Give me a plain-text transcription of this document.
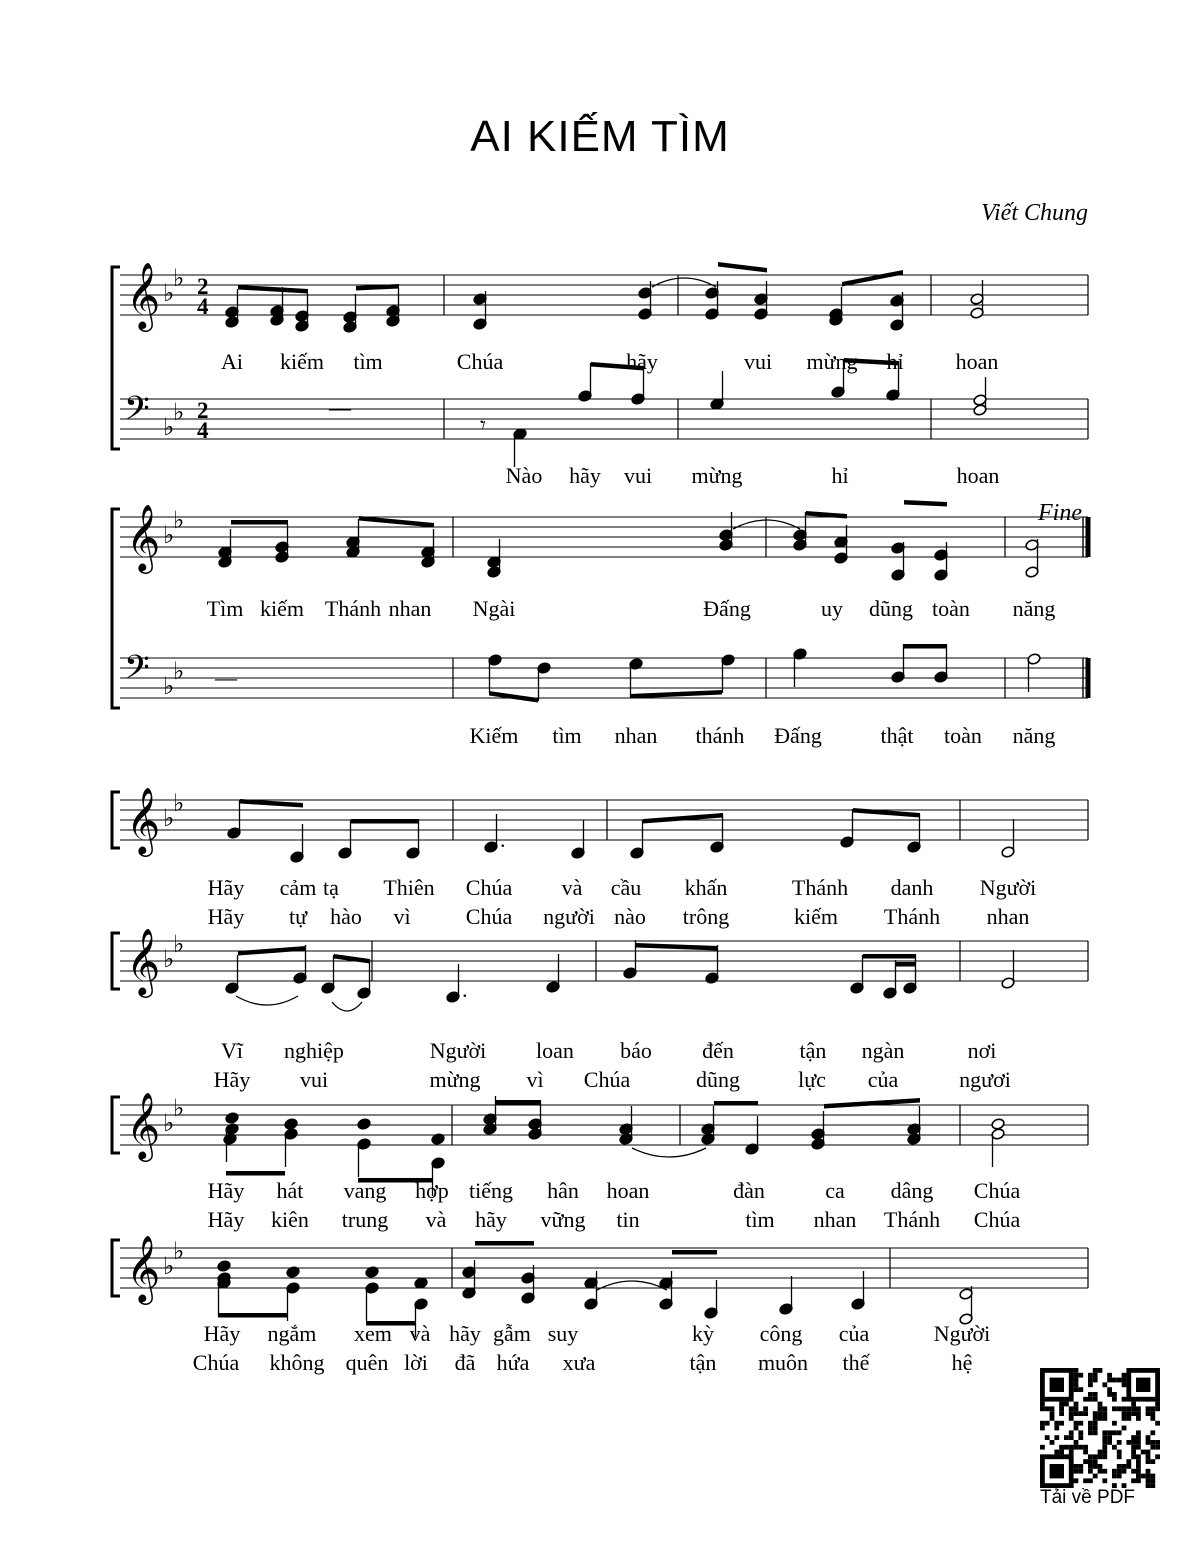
AI KIẾM TÌM
Viết Chung
Fine
𝄞
𝄢
♭
♭
♭
♭
2
4
2
4
—
𝄾
Ai kiếm tìm	Chúa	hãy	vui mừng hỉ hoan
Nào hãy vui mừng	hỉ	hoan
𝄞
𝄢
♭
♭
♭
♭ —
Tìm kiếm Thánh nhan Ngài	Đấng	uy dũng toàn năng
Kiếm tìm nhan thánh Đấng	thật toàn năng
𝄞 ♭
♭
.
♪
Hãy cảm tạ Thiên Chúa và cầu khấn	Thánh danh Người
Hãy tự hào vì	Chúa người nào trông	kiếm Thánh nhan
𝄞 ♭
♭
.
Vĩ nghiệp	Người loan báo đến	tận ngàn	nơi
Hãy vui	mừng vì Chúa	dũng	lực của	ngươi
𝄞 ♭
♭
Hãy hát vang hợp tiếng hân hoan	đàn	ca dâng Chúa
Hãy kiên trung và hãy vững tin	tìm nhan Thánh Chúa
𝄞 ♭
♭
Hãy ngắm xem và hãy gẫm suy	kỳ công của	Người
Chúa không quên lời đã hứa xưa	tận muôn thế	hệ
Tải về PDF
